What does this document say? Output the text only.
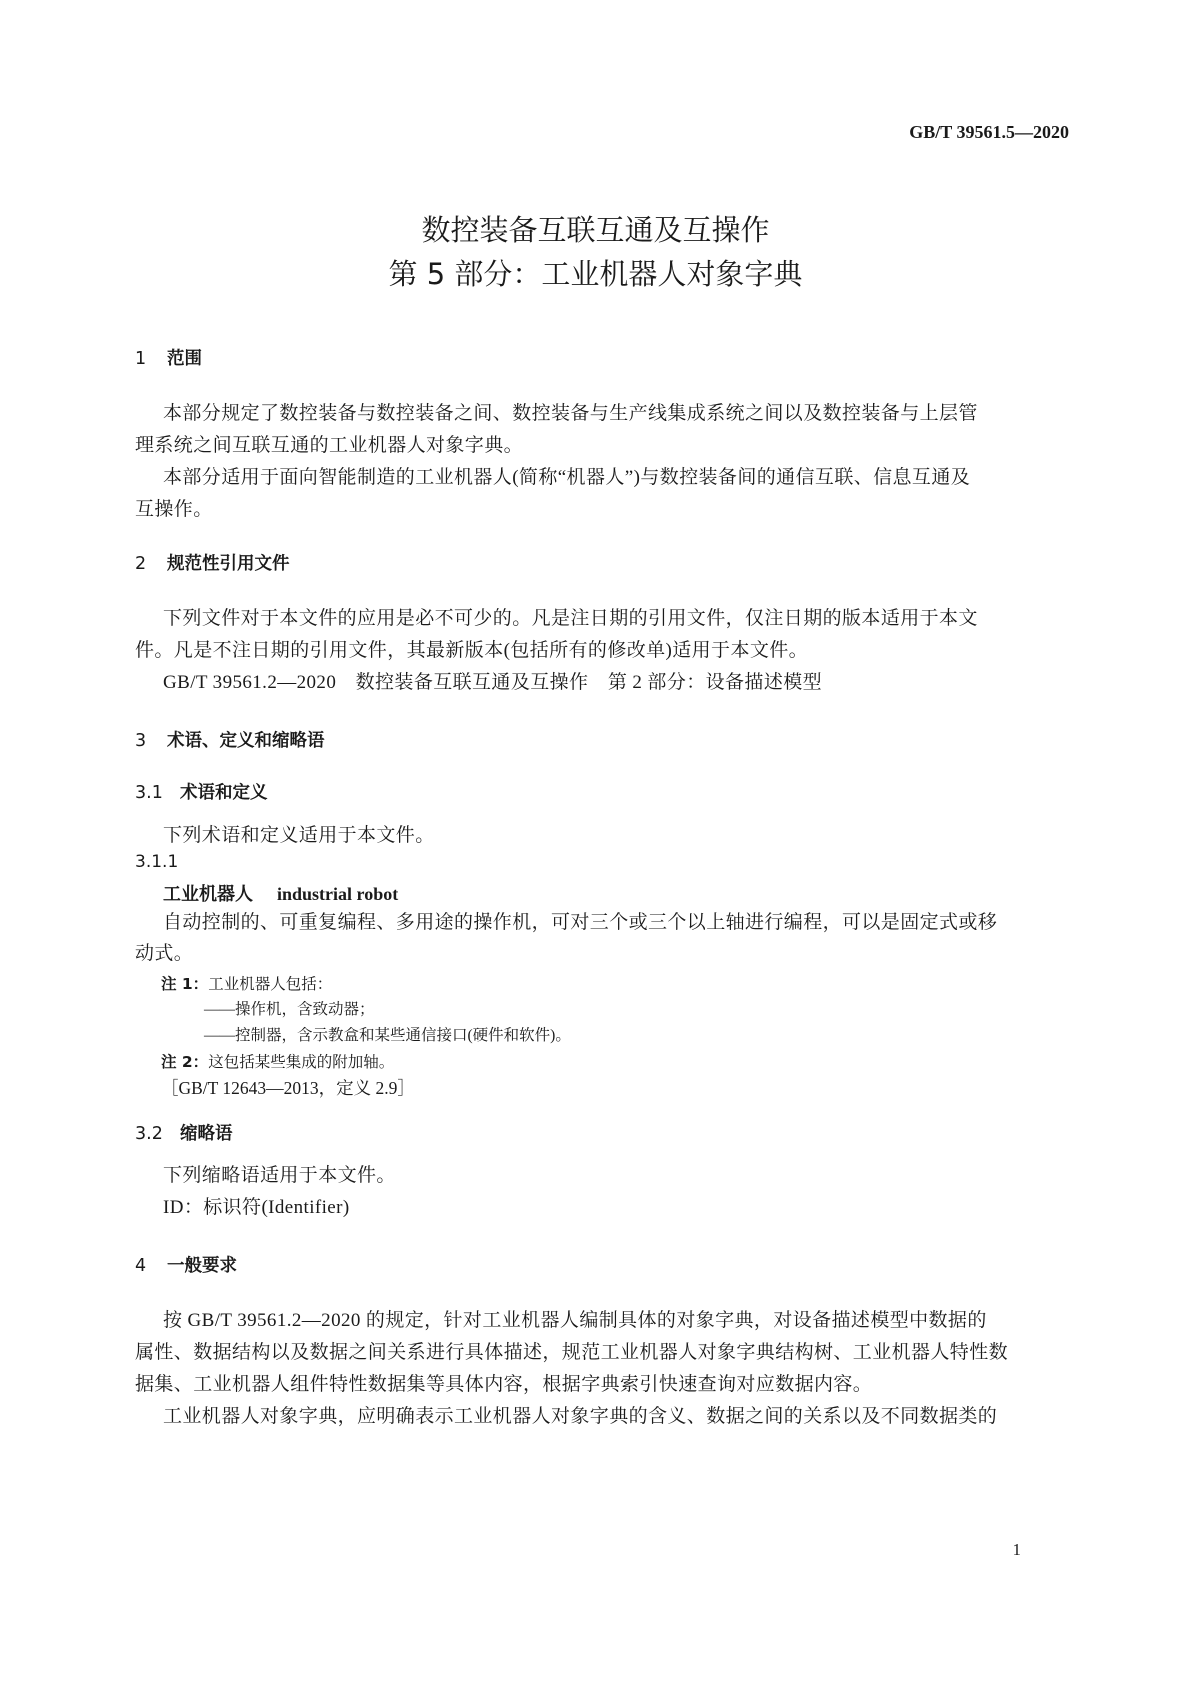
GB/T 39561.5—2020
数控装备互联互通及互操作
第 5 部分：工业机器人对象字典
1 范围
本部分规定了数控装备与数控装备之间、数控装备与生产线集成系统之间以及数控装备与上层管
理系统之间互联互通的工业机器人对象字典。
本部分适用于面向智能制造的工业机器人(简称“机器人”)与数控装备间的通信互联、信息互通及
互操作。
2 规范性引用文件
下列文件对于本文件的应用是必不可少的。凡是注日期的引用文件，仅注日期的版本适用于本文
件。凡是不注日期的引用文件，其最新版本(包括所有的修改单)适用于本文件。
GB/T 39561.2—2020　数控装备互联互通及互操作　第 2 部分：设备描述模型
3 术语、定义和缩略语
3.1 术语和定义
下列术语和定义适用于本文件。
3.1.1
工业机器人 industrial robot
自动控制的、可重复编程、多用途的操作机，可对三个或三个以上轴进行编程，可以是固定式或移
动式。
注 1：工业机器人包括：
——操作机，含致动器；
——控制器，含示教盒和某些通信接口(硬件和软件)。
注 2：这包括某些集成的附加轴。
［GB/T 12643—2013，定义 2.9］
3.2 缩略语
下列缩略语适用于本文件。
ID：标识符(Identifier)
4 一般要求
按 GB/T 39561.2—2020 的规定，针对工业机器人编制具体的对象字典，对设备描述模型中数据的
属性、数据结构以及数据之间关系进行具体描述，规范工业机器人对象字典结构树、工业机器人特性数
据集、工业机器人组件特性数据集等具体内容，根据字典索引快速查询对应数据内容。
工业机器人对象字典，应明确表示工业机器人对象字典的含义、数据之间的关系以及不同数据类的
1
